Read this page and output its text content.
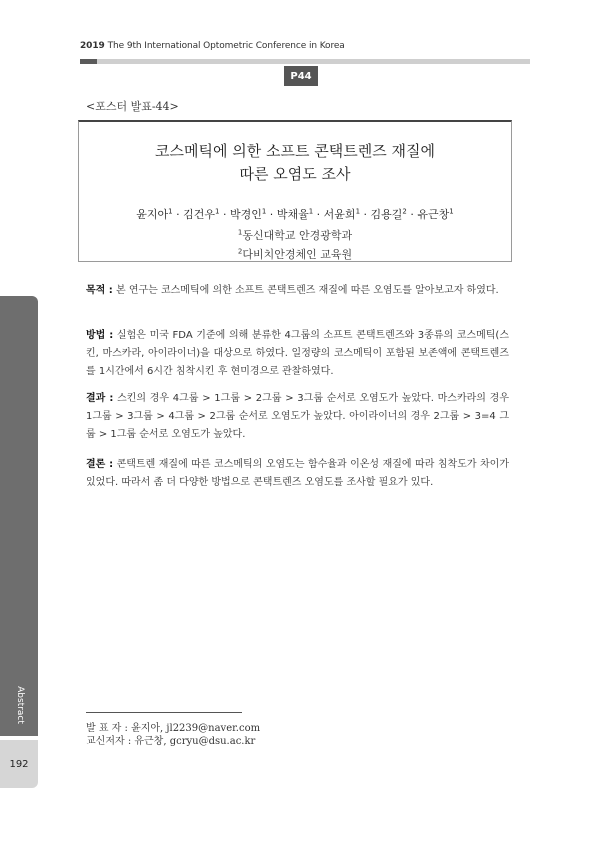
2019 The 9th International Optometric Conference in Korea
P44
<포스터 발표-44>
코스메틱에 의한 소프트 콘택트렌즈 재질에
따른 오염도 조사
윤지아$^1$ · 김건우$^1$ · 박경인$^1$ · 박채율$^1$ · 서윤희$^1$ · 김용길$^2$ · 유근창$^1$
$^1$동신대학교 안경광학과
$^2$다비치안경체인 교육원
목적 : 본 연구는 코스메틱에 의한 소프트 콘택트렌즈 재질에 따른 오염도를 알아보고자 하였다.
방법 : 실험은 미국 FDA 기준에 의해 분류한 4그룹의 소프트 콘택트렌즈와 3종류의 코스메틱(스킨, 마스카라, 아이라이너)을 대상으로 하였다. 일정량의 코스메틱이 포함된 보존액에 콘택트렌즈를 1시간에서 6시간 침착시킨 후 현미경으로 관찰하였다.
결과 : 스킨의 경우 4그룹 > 1그룹 > 2그룹 > 3그룹 순서로 오염도가 높았다. 마스카라의 경우 1그룹 > 3그룹 > 4그룹 > 2그룹 순서로 오염도가 높았다. 아이라이너의 경우 2그룹 > 3=4 그룹 > 1그룹 순서로 오염도가 높았다.
결론 : 콘택트렌 재질에 따른 코스메틱의 오염도는 함수율과 이온성 재질에 따라 침착도가 차이가 있었다. 따라서 좀 더 다양한 방법으로 콘택트렌즈 오염도를 조사할 필요가 있다.
Abstract
192
발 표 자 : 윤지아, jl2239@naver.com
교신저자 : 유근창, gcryu@dsu.ac.kr
